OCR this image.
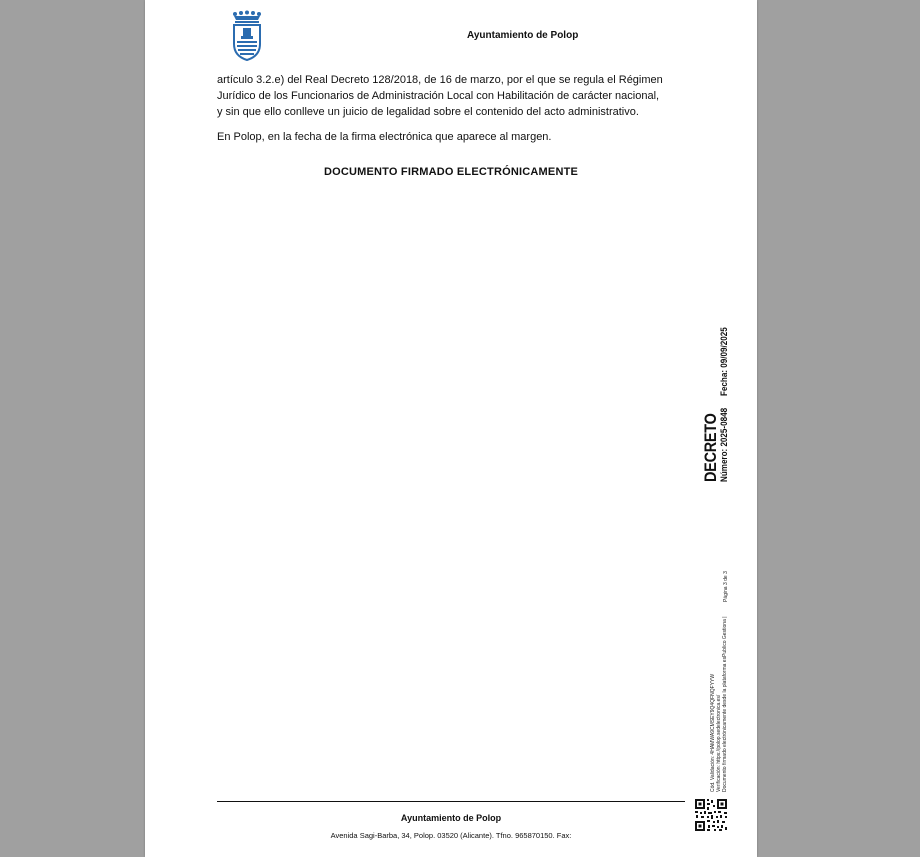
Ayuntamiento de Polop

artículo 3.2.e) del Real Decreto 128/2018, de 16 de marzo, por el que se regula el Régimen

Jurídico de los Funcionarios de Administración Local con Habilitación de carácter nacional,

y sin que ello conlleve un juicio de legalidad sobre el contenido del acto administrativo.

En Polop, en la fecha de la firma electrónica que aparece al margen.
DOCUMENTO FIRMADO ELECTRÓNICAMENTE
DECRETO Número: 2025-0848
Fecha: 09/09/2025
Cód. Validación: 4HAMWA9CMSEY9Q4QFNQFYYW Verificación: https://polop.sedelectronica.es/ Documento firmado electrónicamente desde la plataforma esPublico Gestiona |
Página 3 de 3
Ayuntamiento de Polop
Avenida Sagi-Barba, 34, Polop. 03520 (Alicante). Tfno. 965870150. Fax:
